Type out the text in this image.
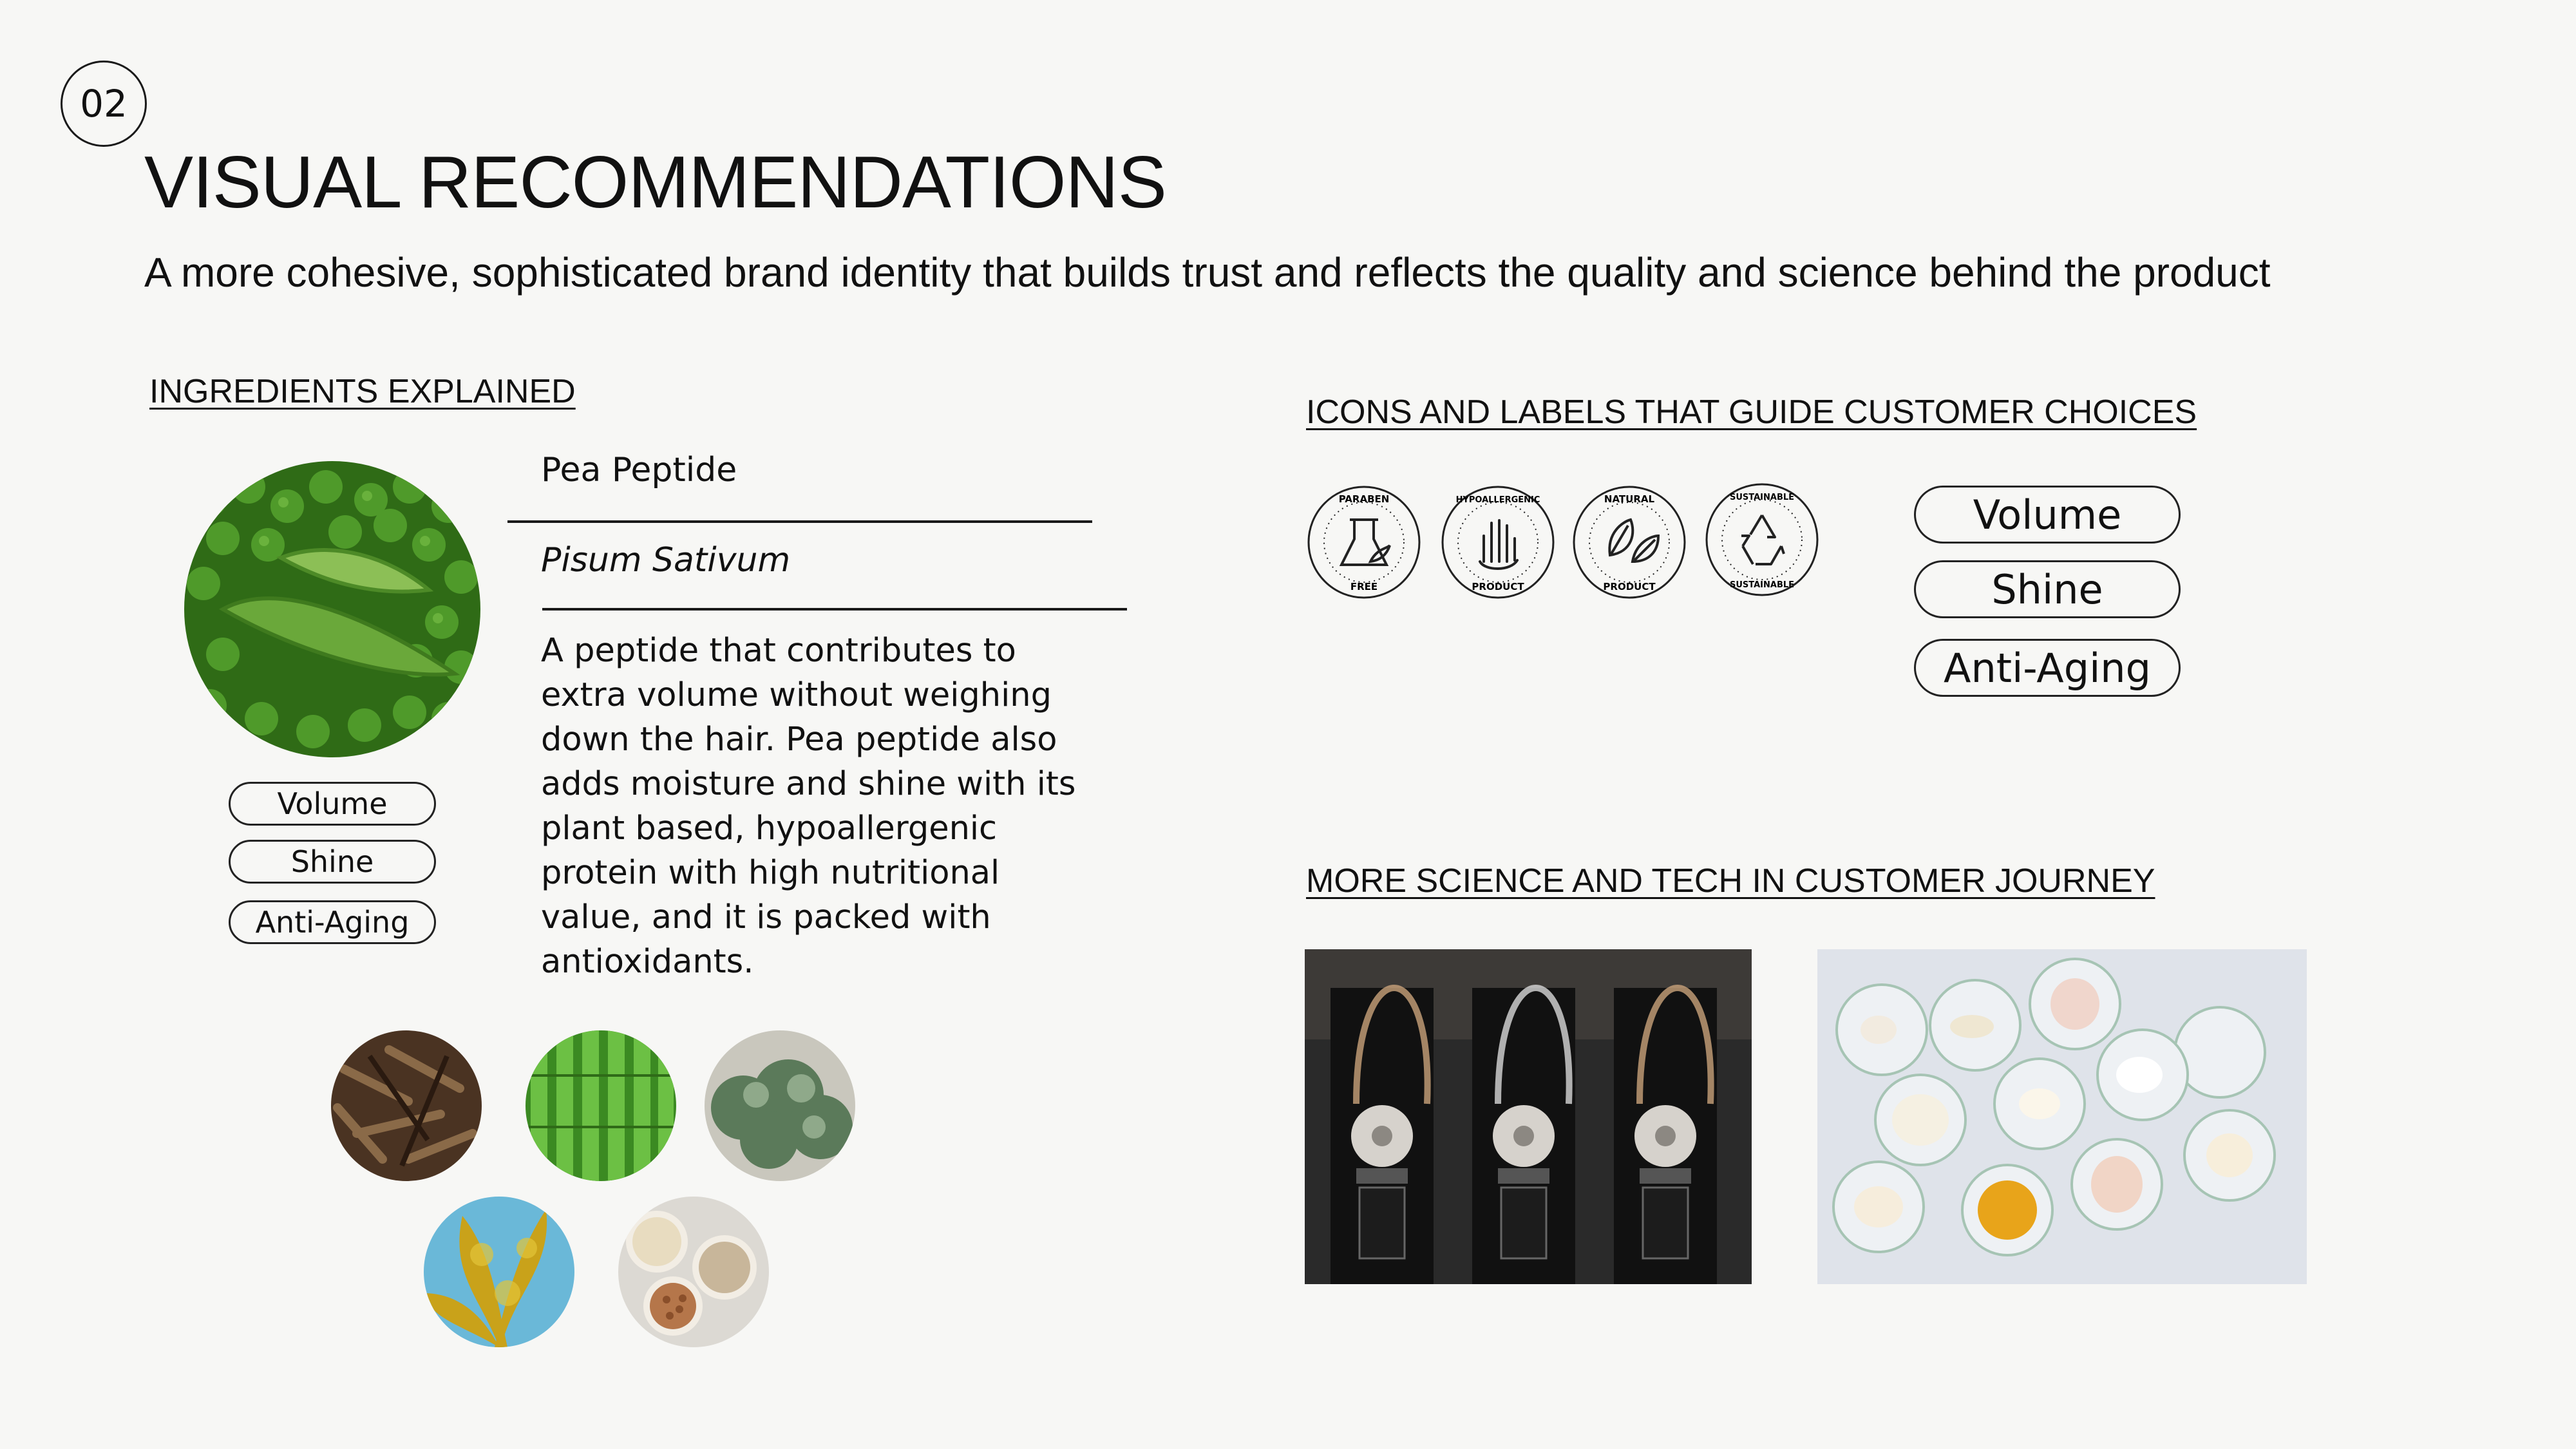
02
VISUAL RECOMMENDATIONS
A more cohesive, sophisticated brand identity that builds trust and reflects the quality and science behind the product
INGREDIENTS EXPLAINED
Volume
Shine
Anti-Aging
Pea Peptide
Pisum Sativum
A peptide that contributes to extra volume without weighing down the hair. Pea peptide also adds moisture and shine with its plant based, hypoallergenic protein with high nutritional value, and it is packed with antioxidants.
ICONS AND LABELS THAT GUIDE CUSTOMER CHOICES
PARABEN
FREE
HYPOALLERGENIC
PRODUCT
NATURAL
PRODUCT
SUSTAINABLE
SUSTAINABLE
Volume
Shine
Anti-Aging
MORE SCIENCE AND TECH IN CUSTOMER JOURNEY
